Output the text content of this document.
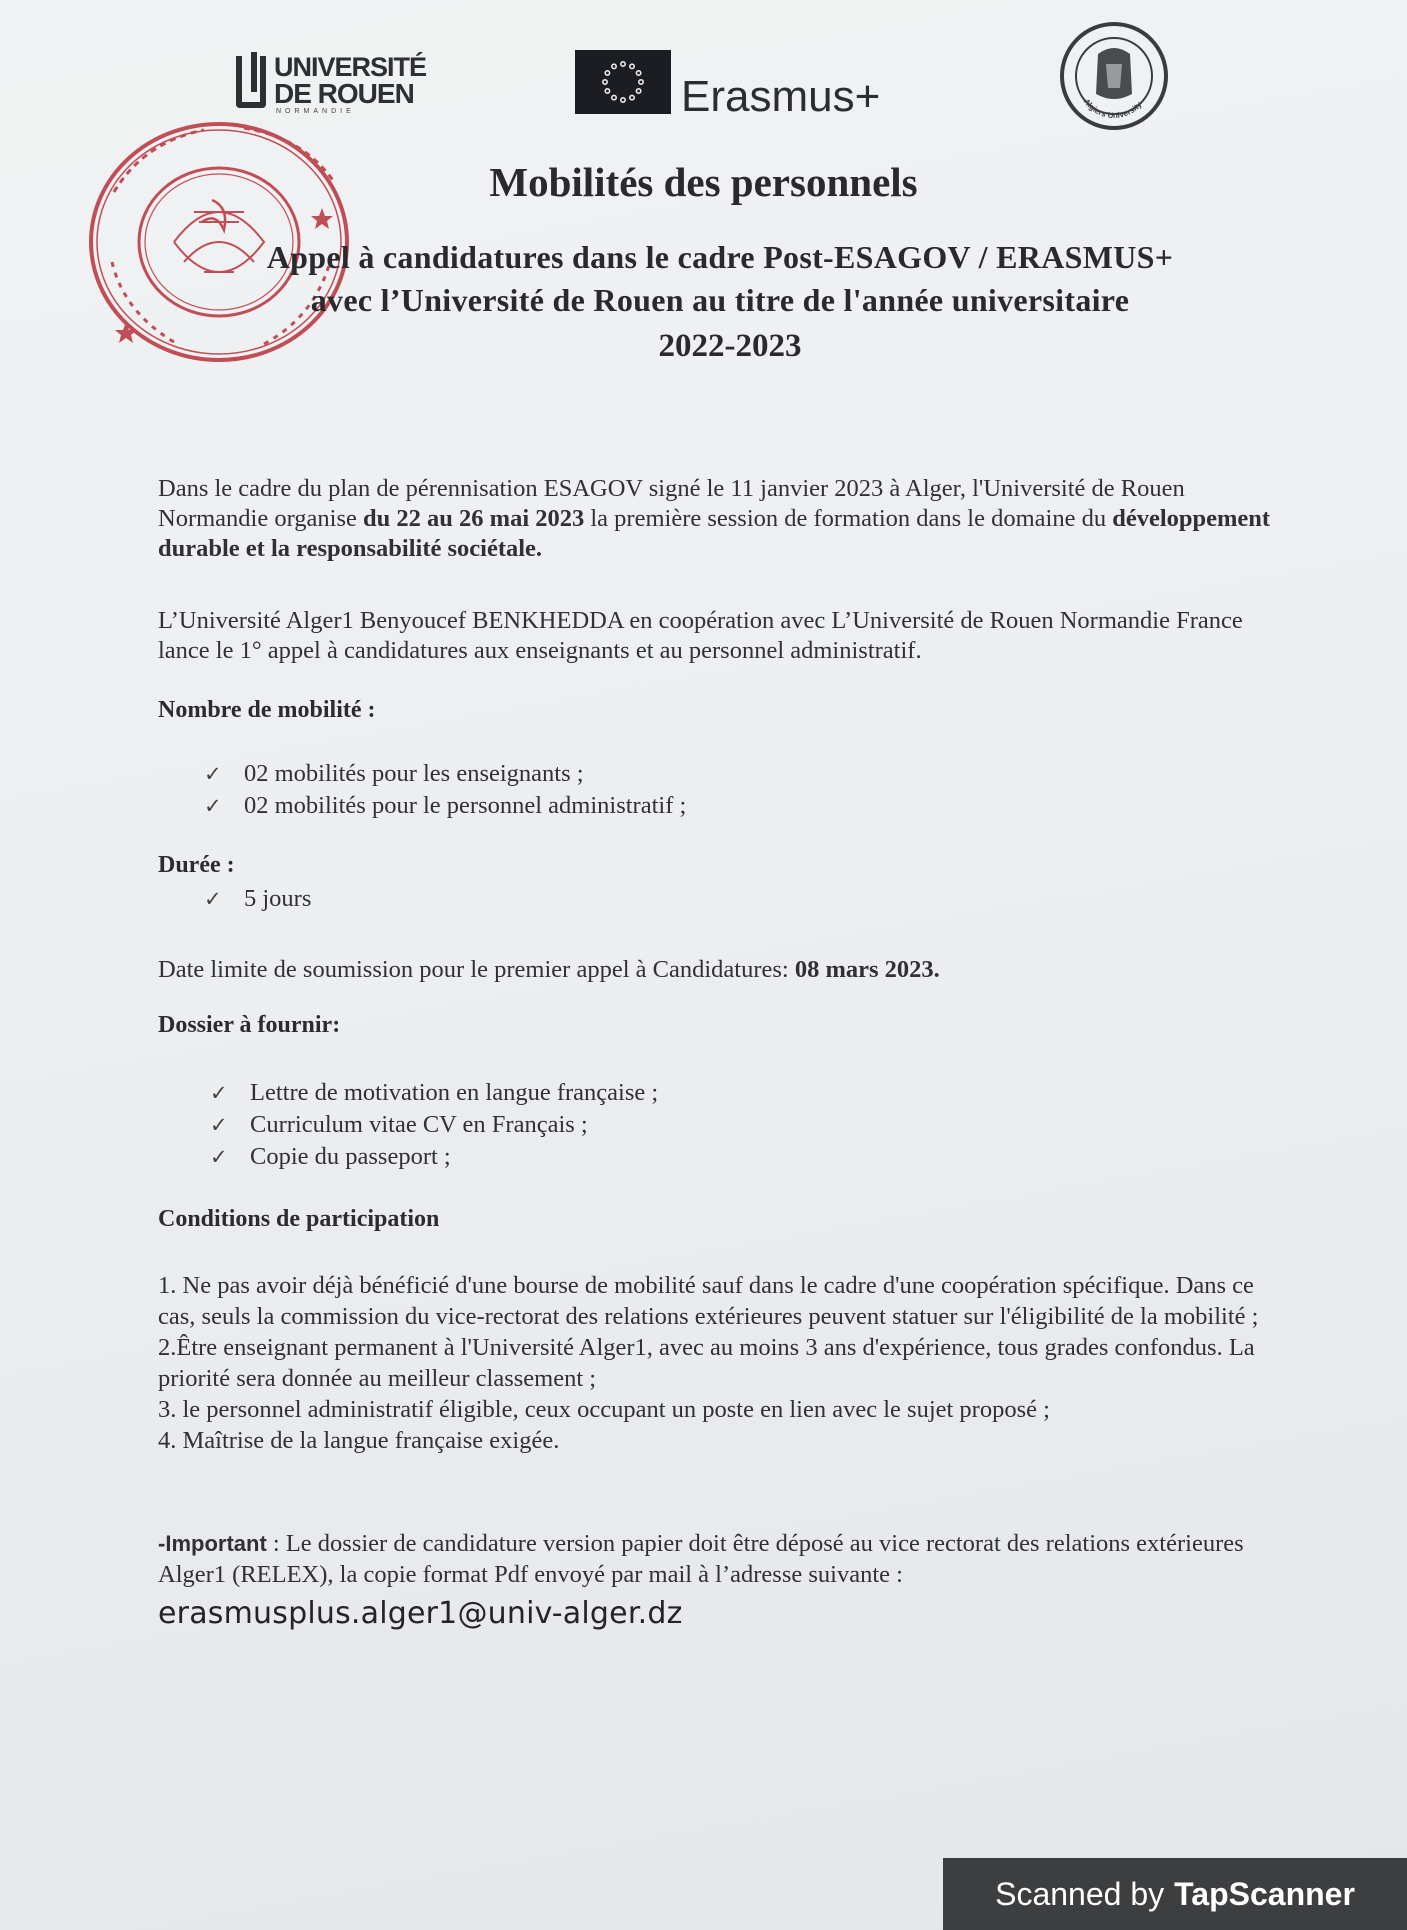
UNIVERSITÉ
DE ROUEN
NORMANDIE	Erasmus+	Algiers University
Mobilités des personnels
Appel à candidatures dans le cadre Post-ESAGOV / ERASMUS+
avec l’Université de Rouen au titre de l'année universitaire
2022-2023
Dans le cadre du plan de pérennisation ESAGOV signé le 11 janvier 2023 à Alger, l'Université de Rouen Normandie organise du 22 au 26 mai 2023 la première session de formation dans le domaine du développement durable et la responsabilité sociétale.
L’Université Alger1 Benyoucef BENKHEDDA en coopération avec L’Université de Rouen Normandie France lance le 1° appel à candidatures aux enseignants et au personnel administratif.
Nombre de mobilité :
✓ 02 mobilités pour les enseignants ;
✓ 02 mobilités pour le personnel administratif ;
Durée :
✓ 5 jours
Date limite de soumission pour le premier appel à Candidatures: 08 mars 2023.
Dossier à fournir:
✓ Lettre de motivation en langue française ;
✓ Curriculum vitae CV en Français ;
✓ Copie du passeport ;
Conditions de participation
1. Ne pas avoir déjà bénéficié d'une bourse de mobilité sauf dans le cadre d'une coopération spécifique. Dans ce cas, seuls la commission du vice-rectorat des relations extérieures peuvent statuer sur l'éligibilité de la mobilité ;
2.Être enseignant permanent à l'Université Alger1, avec au moins 3 ans d'expérience, tous grades confondus. La priorité sera donnée au meilleur classement ;
3. le personnel administratif éligible, ceux occupant un poste en lien avec le sujet proposé ;
4. Maîtrise de la langue française exigée.
-Important : Le dossier de candidature version papier doit être déposé au vice rectorat des relations extérieures Alger1 (RELEX), la copie format Pdf envoyé par mail à l’adresse suivante :
erasmusplus.alger1@univ-alger.dz
Scanned by TapScanner
